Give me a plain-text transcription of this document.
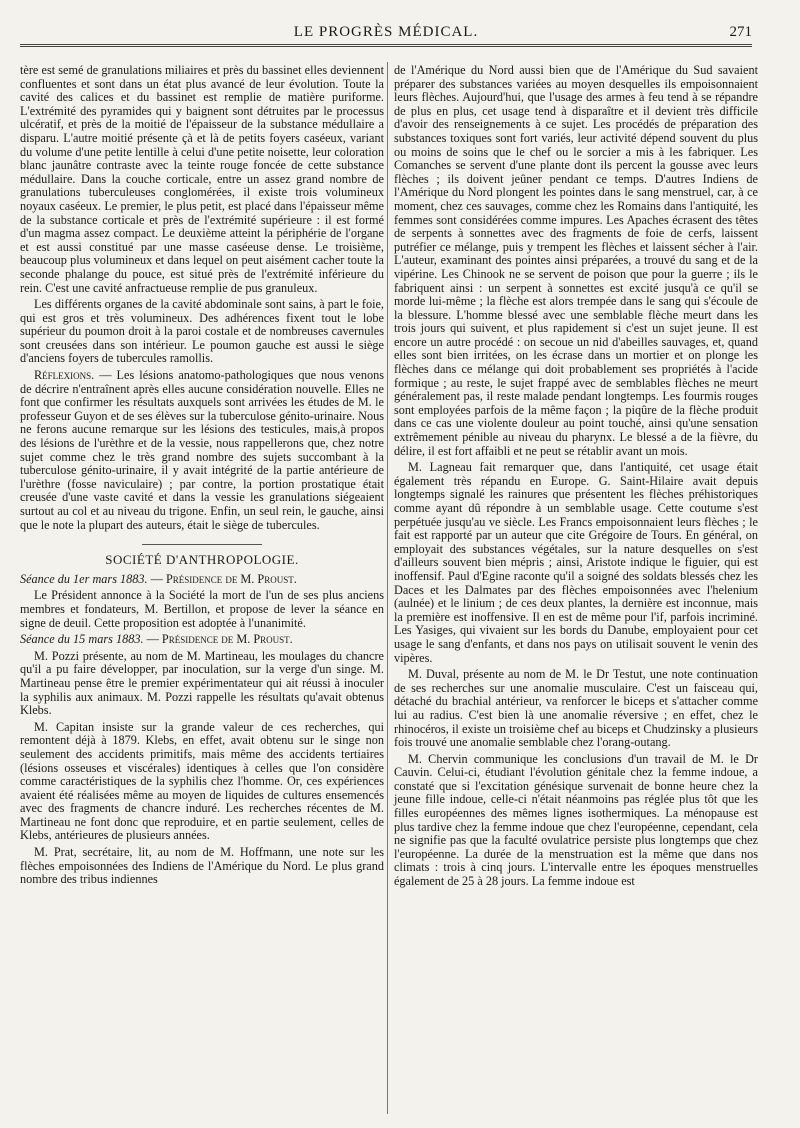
LE PROGRÈS MÉDICAL.	271

tère est semé de granulations miliaires et près du bassinet elles deviennent confluentes et sont dans un état plus avancé de leur évolution. Toute la cavité des calices et du bassinet est remplie de matière puriforme. L'extrémité des pyramides qui y baignent sont détruites par le processus ulcératif, et près de la moitié de l'épaisseur de la substance médullaire a disparu. L'autre moitié présente çà et là de petits foyers caséeux, variant du volume d'une petite lentille à celui d'une petite noisette, leur coloration blanc jaunâtre contraste avec la teinte rouge foncée de cette substance médullaire. Dans la couche corticale, entre un assez grand nombre de granulations tuberculeuses conglomérées, il existe trois volumineux noyaux caséeux. Le premier, le plus petit, est placé dans l'épaisseur même de la substance corticale et près de l'extrémité supérieure : il est formé d'un magma assez compact. Le deuxième atteint la périphérie de l'organe et est aussi constitué par une masse caséeuse dense. Le troisième, beaucoup plus volumineux et dans lequel on peut aisément cacher toute la seconde phalange du pouce, est situé près de l'extrémité inférieure du rein. C'est une cavité anfractueuse remplie de pus granuleux.

Les différents organes de la cavité abdominale sont sains, à part le foie, qui est gros et très volumineux. Des adhérences fixent tout le lobe supérieur du poumon droit à la paroi costale et de nombreuses cavernules sont creusées dans son intérieur. Le poumon gauche est aussi le siège d'anciens foyers de tubercules ramollis.

Réflexions. — Les lésions anatomo-pathologiques que nous venons de décrire n'entraînent après elles aucune considération nouvelle. Elles ne font que confirmer les résultats auxquels sont arrivées les études de M. le professeur Guyon et de ses élèves sur la tuberculose génito-urinaire. Nous ne ferons aucune remarque sur les lésions des testicules, mais,à propos des lésions de l'urèthre et de la vessie, nous rappellerons que, chez notre sujet comme chez le très grand nombre des sujets succombant à la tuberculose génito-urinaire, il y avait intégrité de la partie antérieure de l'urèthre (fosse naviculaire) ; par contre, la portion prostatique était creusée d'une vaste cavité et dans la vessie les granulations siégeaient surtout au col et au niveau du trigone. Enfin, un seul rein, le gauche, ainsi que le note la plupart des auteurs, était le siège de tubercules.

SOCIÉTÉ D'ANTHROPOLOGIE.

Séance du 1er mars 1883. — Présidence de M. Proust.

Le Président annonce à la Société la mort de l'un de ses plus anciens membres et fondateurs, M. Bertillon, et propose de lever la séance en signe de deuil. Cette proposition est adoptée à l'unanimité.

Séance du 15 mars 1883. — Présidence de M. Proust.

M. Pozzi présente, au nom de M. Martineau, les moulages du chancre qu'il a pu faire développer, par inoculation, sur la verge d'un singe. M. Martineau pense être le premier expérimentateur qui ait réussi à inoculer la syphilis aux animaux. M. Pozzi rappelle les résultats qu'avait obtenus Klebs.

M. Capitan insiste sur la grande valeur de ces recherches, qui remontent déjà à 1879. Klebs, en effet, avait obtenu sur le singe non seulement des accidents primitifs, mais même des accidents tertiaires (lésions osseuses et viscérales) identiques à celles que l'on considère comme caractéristiques de la syphilis chez l'homme. Or, ces expériences avaient été réalisées même au moyen de liquides de cultures ensemencés avec des fragments de chancre induré. Les recherches récentes de M. Martineau ne font donc que reproduire, et en partie seulement, celles de Klebs, antérieures de plusieurs années.

M. Prat, secrétaire, lit, au nom de M. Hoffmann, une note sur les flèches empoisonnées des Indiens de l'Amérique du Nord. Le plus grand nombre des tribus indiennes

de l'Amérique du Nord aussi bien que de l'Amérique du Sud savaient préparer des substances variées au moyen desquelles ils empoisonnaient leurs flèches. Aujourd'hui, que l'usage des armes à feu tend à se répandre de plus en plus, cet usage tend à disparaître et il devient très difficile d'avoir des renseignements à ce sujet. Les procédés de préparation des substances toxiques sont fort variés, leur activité dépend souvent du plus ou moins de soins que le chef ou le sorcier a mis à les fabriquer. Les Comanches se servent d'une plante dont ils percent la gousse avec leurs flèches ; ils doivent jeûner pendant ce temps. D'autres Indiens de l'Amérique du Nord plongent les pointes dans le sang menstruel, car, à ce moment, chez ces sauvages, comme chez les Romains dans l'antiquité, les femmes sont considérées comme impures. Les Apaches écrasent des têtes de serpents à sonnettes avec des fragments de foie de cerfs, laissent putréfier ce mélange, puis y trempent les flèches et laissent sécher à l'air. L'auteur, examinant des pointes ainsi préparées, a trouvé du sang et de la vipérine. Les Chinook ne se servent de poison que pour la guerre ; ils le fabriquent ainsi : un serpent à sonnettes est excité jusqu'à ce qu'il se morde lui-même ; la flèche est alors trempée dans le sang qui s'écoule de la blessure. L'homme blessé avec une semblable flèche meurt dans les trois jours qui suivent, et plus rapidement si c'est un sujet jeune. Il est encore un autre procédé : on secoue un nid d'abeilles sauvages, et, quand elles sont bien irritées, on les écrase dans un mortier et on plonge les flèches dans ce mélange qui doit probablement ses propriétés à l'acide formique ; au reste, le sujet frappé avec de semblables flèches ne meurt généralement pas, il reste malade pendant longtemps. Les fourmis rouges sont employées parfois de la même façon ; la piqûre de la flèche produit dans ce cas une violente douleur au point touché, ainsi qu'une sensation extrêmement pénible au niveau du pharynx. Le blessé a de la fièvre, du délire, il est fort affaibli et ne peut se rétablir avant un mois.

M. Lagneau fait remarquer que, dans l'antiquité, cet usage était également très répandu en Europe. G. Saint-Hilaire avait depuis longtemps signalé les rainures que présentent les flèches préhistoriques comme ayant dû répondre à un semblable usage. Cette coutume s'est perpétuée jusqu'au ve siècle. Les Francs empoisonnaient leurs flèches ; le fait est rapporté par un auteur que cite Grégoire de Tours. En général, on employait des substances végétales, sur la nature desquelles on s'est d'ailleurs souvent bien mépris ; ainsi, Aristote indique le figuier, qui est inoffensif. Paul d'Egine raconte qu'il a soigné des soldats blessés chez les Daces et les Dalmates par des flèches empoisonnées avec l'helenium (aulnée) et le linium ; de ces deux plantes, la dernière est inconnue, mais la première est inoffensive. Il en est de même pour l'if, parfois incriminé. Les Yasiges, qui vivaient sur les bords du Danube, employaient pour cet usage le sang d'enfants, et dans nos pays on utilisait souvent le venin des vipères.

M. Duval, présente au nom de M. le Dr Testut, une note continuation de ses recherches sur une anomalie musculaire. C'est un faisceau qui, détaché du brachial antérieur, va renforcer le biceps et s'attacher comme lui au radius. C'est bien là une anomalie réversive ; en effet, chez le rhinocéros, il existe un troisième chef au biceps et Chudzinsky a plusieurs fois trouvé une anomalie semblable chez l'orang-outang.

M. Chervin communique les conclusions d'un travail de M. le Dr Cauvin. Celui-ci, étudiant l'évolution génitale chez la femme indoue, a constaté que si l'excitation génésique survenait de bonne heure chez la jeune fille indoue, celle-ci n'était néanmoins pas réglée plus tôt que les filles européennes des mêmes lignes isothermiques. La ménopause est plus tardive chez la femme indoue que chez l'européenne, cependant, cela ne signifie pas que la faculté ovulatrice persiste plus longtemps que chez l'européenne. La durée de la menstruation est la même que dans nos climats : trois à cinq jours. L'intervalle entre les époques menstruelles également de 25 à 28 jours. La femme indoue est
